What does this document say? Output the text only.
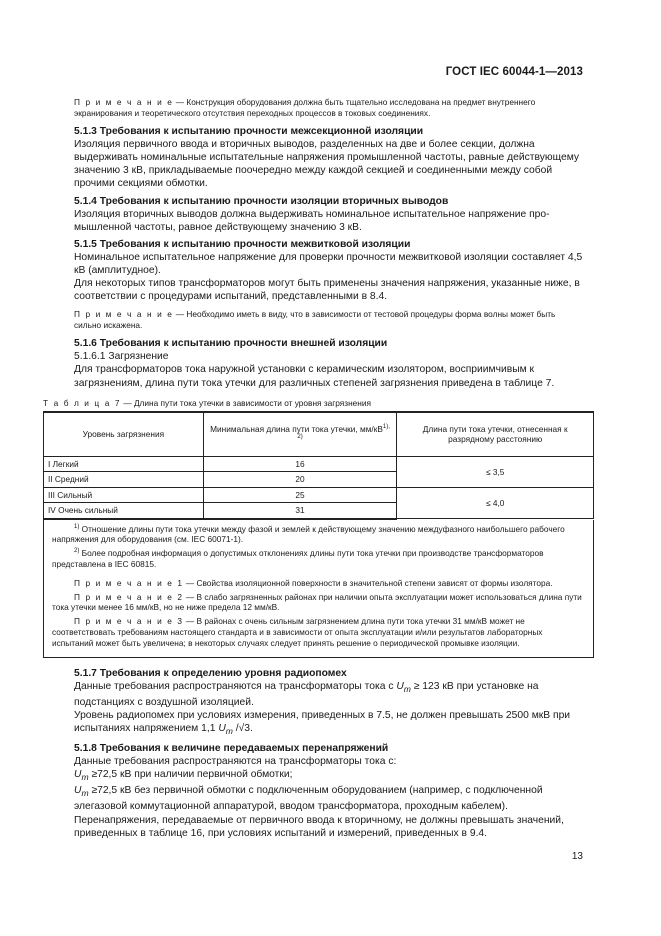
ГОСТ IEC 60044-1—2013

П р и м е ч а н и е — Конструкция оборудования должна быть тщательно исследована на предмет внутреннего экранирования и теоретического отсутствия переходных процессов в токовых соединениях.

5.1.3 Требования к испытанию прочности межсекционной изоляции

Изоляция первичного ввода и вторичных выводов, разделенных на две и более секции, должна выдерживать номинальные испытательные напряжения промышленной частоты, равные действующему значению 3 кВ, прикладываемые поочередно между каждой секцией и соединенными между собой прочими секциями обмотки.

5.1.4 Требования к испытанию прочности изоляции вторичных выводов

Изоляция вторичных выводов должна выдерживать номинальное испытательное напряжение промышленной частоты, равное действующему значению 3 кВ.

5.1.5 Требования к испытанию прочности межвитковой изоляции

Номинальное испытательное напряжение для проверки прочности межвитковой изоляции составляет 4,5 кВ (амплитудное).

Для некоторых типов трансформаторов могут быть применены значения напряжения, указанные ниже, в соответствии с процедурами испытаний, представленными в 8.4.

П р и м е ч а н и е — Необходимо иметь в виду, что в зависимости от тестовой процедуры форма волны может быть сильно искажена.

5.1.6 Требования к испытанию прочности внешней изоляции

5.1.6.1 Загрязнение

Для трансформаторов тока наружной установки с керамическим изолятором, восприимчивым к загрязнениям, длина пути тока утечки для различных степеней загрязнения приведена в таблице 7.

Т а б л и ц а 7 — Длина пути тока утечки в зависимости от уровня загрязнения

Уровень загрязнения	Минимальная длина пути тока утечки, $мм/кВ^{1), 2)}$	Длина пути тока утечки, отнесенная к разрядному расстоянию
I Легкий	16	≤ 3,5
II Средний	20	
III Сильный	25	≤ 4,0
IV Очень сильный	31	

$^{1)}$ Отношение длины пути тока утечки между фазой и землей к действующему значению междуфазного наибольшего рабочего напряжения для оборудования (см. IEC 60071-1).

$^{2)}$ Более подробная информация о допустимых отклонениях длины пути тока утечки при производстве трансформаторов представлена в IEC 60815.

П р и м е ч а н и е 1 — Свойства изоляционной поверхности в значительной степени зависят от формы изолятора.

П р и м е ч а н и е 2 — В слабо загрязненных районах при наличии опыта эксплуатации может использоваться длина пути тока утечки менее 16 мм/кВ, но не ниже предела 12 мм/кВ.

П р и м е ч а н и е 3 — В районах с очень сильным загрязнением длина пути тока утечки 31 мм/кВ может не соответствовать требованиям настоящего стандарта и в зависимости от опыта эксплуатации и/или результатов лабораторных испытаний может быть увеличена; в некоторых случаях следует принять решение о периодической промывке изоляции.

5.1.7 Требования к определению уровня радиопомех

Данные требования распространяются на трансформаторы тока с $U_m \ge 123$ кВ при установке на подстанциях с воздушной изоляцией.

Уровень радиопомех при условиях измерения, приведенных в 7.5, не должен превышать 2500 мкВ при испытаниях напряжением 1,1 $U_m$ /√3.

5.1.8 Требования к величине передаваемых перенапряжений

Данные требования распространяются на трансформаторы тока с:

$U_m \ge 72,5$ кВ при наличии первичной обмотки;

$U_m \ge 72,5$ кВ без первичной обмотки с подключенным оборудованием (например, с подключенной элегазовой коммутационной аппаратурой, вводом трансформатора, проходным кабелем).

Перенапряжения, передаваемые от первичного ввода к вторичному, не должны превышать значений, приведенных в таблице 16, при условиях испытаний и измерений, приведенных в 9.4.

13
